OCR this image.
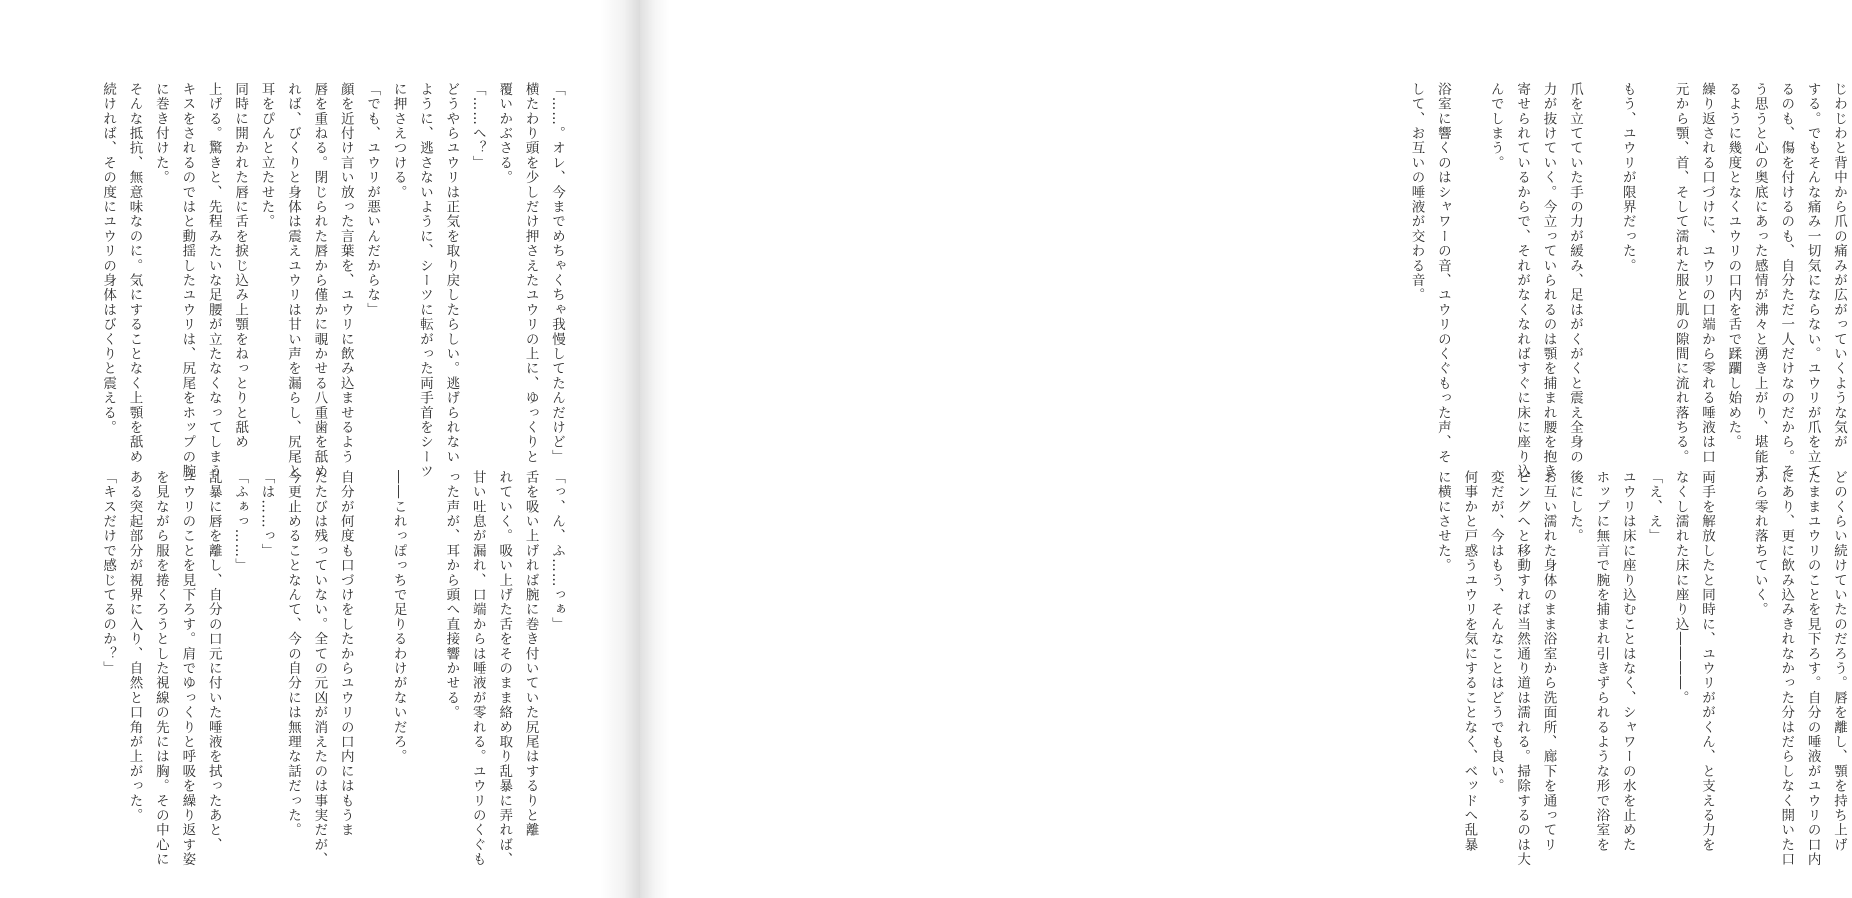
「……。オレ、今までめちゃくちゃ我慢してたんだけど」
横たわり頭を少しだけ押さえたユウリの上に、ゆっくりと
覆いかぶさる。
「……へ？」
どうやらユウリは正気を取り戻したらしい。逃げられない
ように、逃さないように、シーツに転がった両手首をシーツ
に押さえつける。
「でも、ユウリが悪いんだからな」
顔を近付け言い放った言葉を、ユウリに飲み込ませるよう
唇を重ねる。閉じられた唇から僅かに覗かせる八重歯を舐め
れば、びくりと身体は震えユウリは甘い声を漏らし、尻尾と
耳をぴんと立たせた。
同時に開かれた唇に舌を捩じ込み上顎をねっとりと舐め
上げる。驚きと、先程みたいな足腰が立たなくなってしまう
キスをされるのではと動揺したユウリは、尻尾をホップの腕
に巻き付けた。
そんな抵抗、無意味なのに。気にすることなく上顎を舐め
続ければ、その度にユウリの身体はびくりと震える。
「っ、ん、ふ……っぁ」
舌を吸い上げれば腕に巻き付いていた尻尾はするりと離
れていく。吸い上げた舌をそのまま絡め取り乱暴に弄れば、
甘い吐息が漏れ、口端からは唾液が零れる。ユウリのくぐも
った声が、耳から頭へ直接響かせる。
――これっぽっちで足りるわけがないだろ。
自分が何度も口づけをしたからユウリの口内にはもうま
たたびは残っていない。全ての元凶が消えたのは事実だが、
今更止めることなんて、今の自分には無理な話だった。
「は……っ」
「ふぁっ……」
乱暴に唇を離し、自分の口元に付いた唾液を拭ったあと、
ユウリのことを見下ろす。肩でゆっくりと呼吸を繰り返す姿
を見ながら服を捲くろうとした視線の先には胸。その中心に
ある突起部分が視界に入り、自然と口角が上がった。
「キスだけで感じてるのか？」
じわじわと背中から爪の痛みが広がっていくような気が
する。でもそんな痛み一切気にならない。ユウリが爪を立て
るのも、傷を付けるのも、自分ただ一人だけなのだから。そ
う思うと心の奥底にあった感情が沸々と湧き上がり、堪能す
るように幾度となくユウリの口内を舌で蹂躙し始めた。
繰り返される口づけに、ユウリの口端から零れる唾液は口
元から顎、首、そして濡れた服と肌の隙間に流れ落ちる。
もう、ユウリが限界だった。
爪を立てていた手の力が緩み、足はがくがくと震え全身の
力が抜けていく。今立っていられるのは顎を捕まれ腰を抱き
寄せられているからで、それがなくなればすぐに床に座り込
んでしまう。
浴室に響くのはシャワーの音、ユウリのくぐもった声、そ
して、お互いの唾液が交わる音。
どのくらい続けていたのだろう。唇を離し、顎を持ち上げ
たままユウリのことを見下ろす。自分の唾液がユウリの口内
にあり、更に飲み込みきれなかった分はだらしなく開いた口
から零れ落ちていく。
両手を解放したと同時に、ユウリががくん、と支える力を
なくし濡れた床に座り込――――。
「え、え」
ユウリは床に座り込むことはなく、シャワーの水を止めた
ホップに無言で腕を捕まれ引きずられるような形で浴室を
後にした。
お互い濡れた身体のまま浴室から洗面所、廊下を通ってリ
ビングへと移動すれば当然通り道は濡れる。掃除するのは大
変だが、今はもう、そんなことはどうでも良い。
何事かと戸惑うユウリを気にすることなく、ベッドへ乱暴
に横にさせた。
